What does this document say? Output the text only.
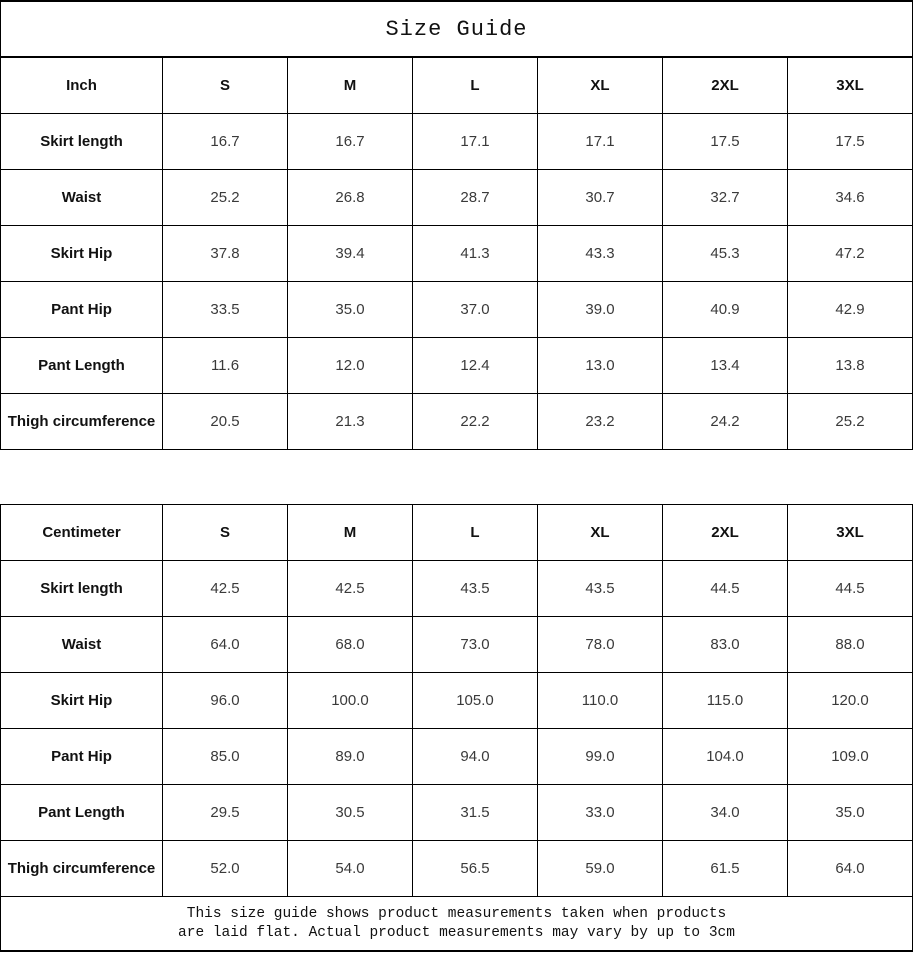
Size Guide
Inch	S	M	L	XL	2XL	3XL
Skirt length	16.7	16.7	17.1	17.1	17.5	17.5
Waist	25.2	26.8	28.7	30.7	32.7	34.6
Skirt Hip	37.8	39.4	41.3	43.3	45.3	47.2
Pant Hip	33.5	35.0	37.0	39.0	40.9	42.9
Pant Length	11.6	12.0	12.4	13.0	13.4	13.8
Thigh circumference	20.5	21.3	22.2	23.2	24.2	25.2
Centimeter	S	M	L	XL	2XL	3XL
Skirt length	42.5	42.5	43.5	43.5	44.5	44.5
Waist	64.0	68.0	73.0	78.0	83.0	88.0
Skirt Hip	96.0	100.0	105.0	110.0	115.0	120.0
Pant Hip	85.0	89.0	94.0	99.0	104.0	109.0
Pant Length	29.5	30.5	31.5	33.0	34.0	35.0
Thigh circumference	52.0	54.0	56.5	59.0	61.5	64.0
This size guide shows product measurements taken when products
are laid flat. Actual product measurements may vary by up to 3cm
